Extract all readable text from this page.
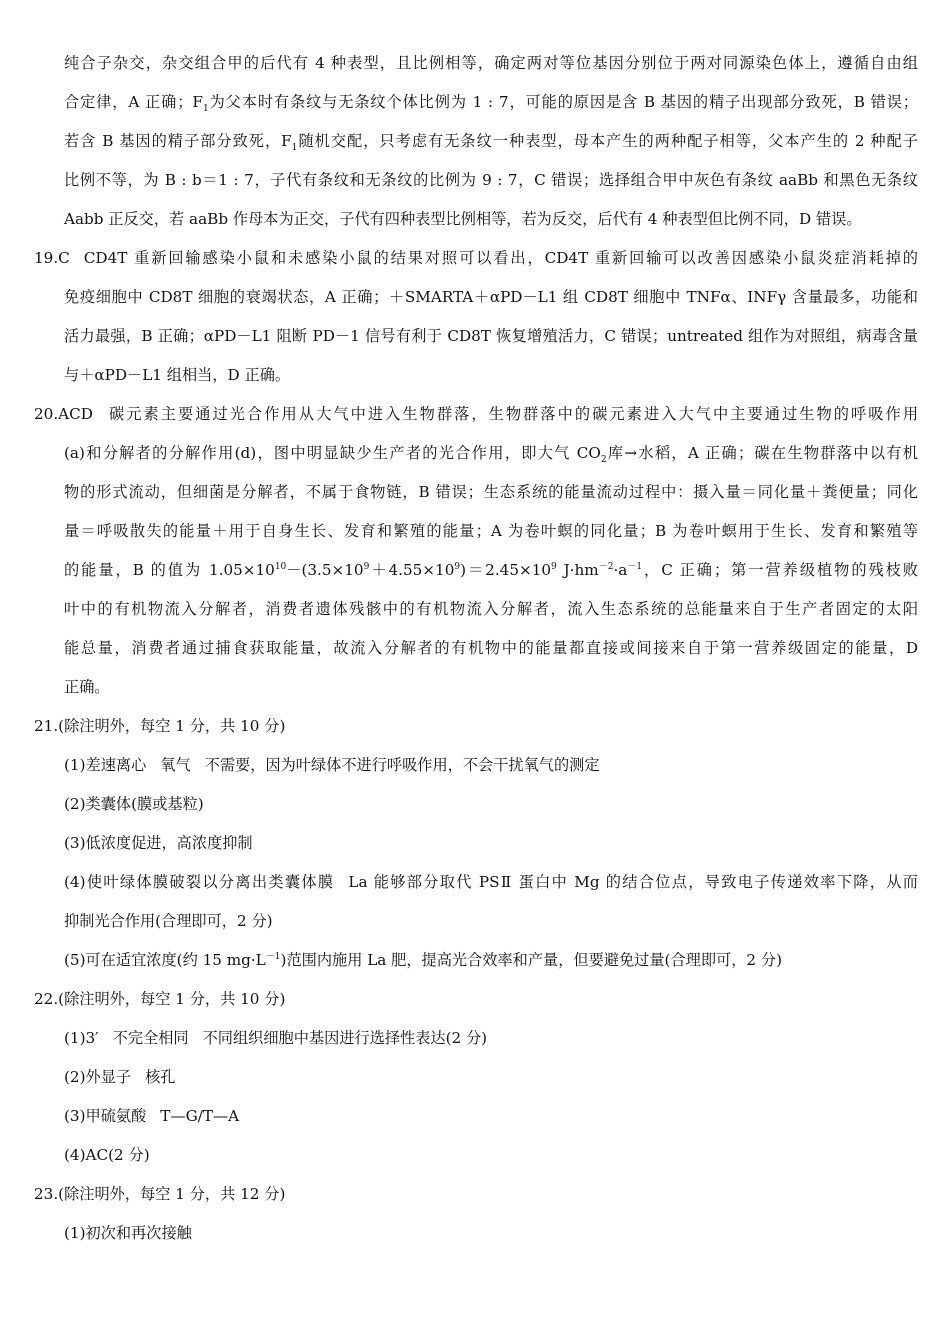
纯合子杂交，杂交组合甲的后代有 4 种表型，且比例相等，确定两对等位基因分别位于两对同源染色体上，遵循自由组
合定律，A 正确；$F_1$为父本时有条纹与无条纹个体比例为 1 : 7，可能的原因是含 B 基因的精子出现部分致死，B 错误；
若含 B 基因的精子部分致死，$F_1$随机交配，只考虑有无条纹一种表型，母本产生的两种配子相等，父本产生的 2 种配子
比例不等，为 B : b＝1 : 7，子代有条纹和无条纹的比例为 9 : 7，C 错误；选择组合甲中灰色有条纹 aaBb 和黑色无条纹
Aabb 正反交，若 aaBb 作母本为正交，子代有四种表型比例相等，若为反交，后代有 4 种表型但比例不同，D 错误。
19.C CD4T 重新回输感染小鼠和未感染小鼠的结果对照可以看出，CD4T 重新回输可以改善因感染小鼠炎症消耗掉的
免疫细胞中 CD8T 细胞的衰竭状态，A 正确；＋SMARTA＋αPD－L1 组 CD8T 细胞中 TNFα、INFγ 含量最多，功能和
活力最强，B 正确；αPD－L1 阻断 PD－1 信号有利于 CD8T 恢复增殖活力，C 错误；untreated 组作为对照组，病毒含量
与＋αPD－L1 组相当，D 正确。
20.ACD 碳元素主要通过光合作用从大气中进入生物群落，生物群落中的碳元素进入大气中主要通过生物的呼吸作用
(a)和分解者的分解作用(d)，图中明显缺少生产者的光合作用，即大气 $CO_2$库→水稻，A 正确；碳在生物群落中以有机
物的形式流动，但细菌是分解者，不属于食物链，B 错误；生态系统的能量流动过程中：摄入量＝同化量＋粪便量；同化
量＝呼吸散失的能量＋用于自身生长、发育和繁殖的能量；A 为卷叶螟的同化量；B 为卷叶螟用于生长、发育和繁殖等
的能量，B 的值为 $1.05\times 10^{10}-(3.5\times 10^9+4.55\times 10^9)=2.45\times 10^9$ $J\cdot hm^{-2}\cdot a^{-1}$，C 正确；第一营养级植物的残枝败
叶中的有机物流入分解者，消费者遗体残骸中的有机物流入分解者，流入生态系统的总能量来自于生产者固定的太阳
能总量，消费者通过捕食获取能量，故流入分解者的有机物中的能量都直接或间接来自于第一营养级固定的能量，D
正确。
21.(除注明外，每空 1 分，共 10 分)
(1)差速离心 氧气 不需要，因为叶绿体不进行呼吸作用，不会干扰氧气的测定
(2)类囊体(膜或基粒)
(3)低浓度促进，高浓度抑制
(4)使叶绿体膜破裂以分离出类囊体膜 La 能够部分取代 PSⅡ 蛋白中 Mg 的结合位点，导致电子传递效率下降，从而
抑制光合作用(合理即可，2 分)
(5)可在适宜浓度(约 15 $mg\cdot L^{-1}$)范围内施用 La 肥，提高光合效率和产量，但要避免过量(合理即可，2 分)
22.(除注明外，每空 1 分，共 10 分)
(1)3′ 不完全相同 不同组织细胞中基因进行选择性表达(2 分)
(2)外显子 核孔
(3)甲硫氨酸 T—G/T—A
(4)AC(2 分)
23.(除注明外，每空 1 分，共 12 分)
(1)初次和再次接触
